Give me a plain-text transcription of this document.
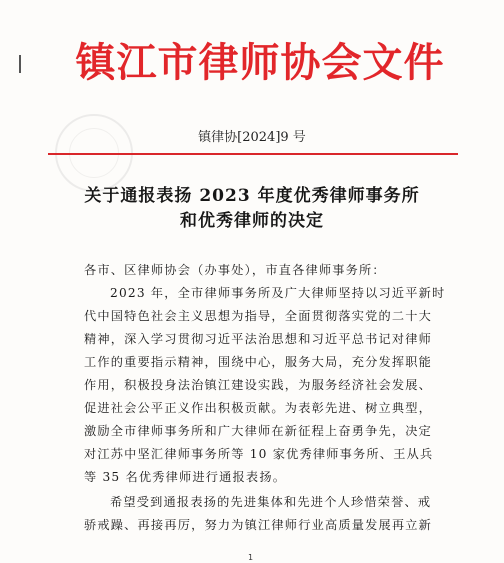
镇江市律师协会文件
镇律协[2024]9 号
关于通报表扬 2023 年度优秀律师事务所
和优秀律师的决定
各市、区律师协会（办事处），市直各律师事务所：
2023 年，全市律师事务所及广大律师坚持以习近平新时
代中国特色社会主义思想为指导，全面贯彻落实党的二十大
精神，深入学习贯彻习近平法治思想和习近平总书记对律师
工作的重要指示精神，围绕中心，服务大局，充分发挥职能
作用，积极投身法治镇江建设实践，为服务经济社会发展、
促进社会公平正义作出积极贡献。为表彰先进、树立典型，
激励全市律师事务所和广大律师在新征程上奋勇争先，决定
对江苏中坚汇律师事务所等 10 家优秀律师事务所、王从兵
等 35 名优秀律师进行通报表扬。
希望受到通报表扬的先进集体和先进个人珍惜荣誉、戒
骄戒躁、再接再厉，努力为镇江律师行业高质量发展再立新
1
